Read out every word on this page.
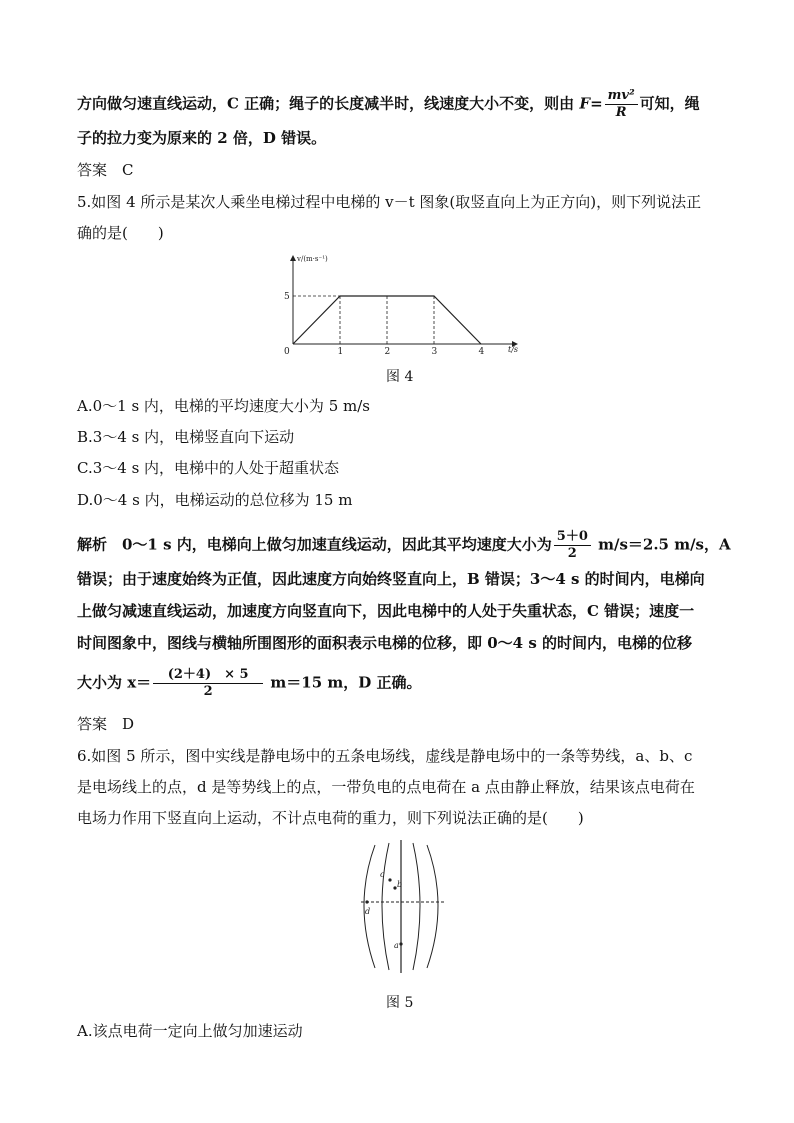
方向做匀速直线运动，C 正确；绳子的长度减半时，线速度大小不变，则由 $F= \frac{\text{mv²}}{R}$ 可知，绳
子的拉力变为原来的 2 倍，D 错误。
答案　C
5.如图 4 所示是某次人乘坐电梯过程中电梯的 v－t 图象(取竖直向上为正方向)，则下列说法正
确的是(　　)
v/(m·s⁻¹)
t/s
5
0	1	2	3	4
图 4
A.0～1 s 内，电梯的平均速度大小为 5 m/s
B.3～4 s 内，电梯竖直向下运动
C.3～4 s 内，电梯中的人处于超重状态
D.0～4 s 内，电梯运动的总位移为 15 m
解析　0～1 s 内，电梯向上做匀加速直线运动，因此其平均速度大小为 $\frac{5+0}{2} m/s=2.5$ m/s，A
错误；由于速度始终为正值，因此速度方向始终竖直向上，B 错误；3～4 s 的时间内，电梯向
上做匀减速直线运动，加速度方向竖直向下，因此电梯中的人处于失重状态，C 错误；速度一
时间图象中，图线与横轴所围图形的面积表示电梯的位移，即 0～4 s 的时间内，电梯的位移
大小为 $x= \frac{(2+4) \times 5}{2} m=15$ m，D 正确。
答案　D
6.如图 5 所示，图中实线是静电场中的五条电场线，虚线是静电场中的一条等势线，a、b、c
是电场线上的点，d 是等势线上的点，一带负电的点电荷在 a 点由静止释放，结果该点电荷在
电场力作用下竖直向上运动，不计点电荷的重力，则下列说法正确的是(　　)
c
b
d
a
图 5
A.该点电荷一定向上做匀加速运动
